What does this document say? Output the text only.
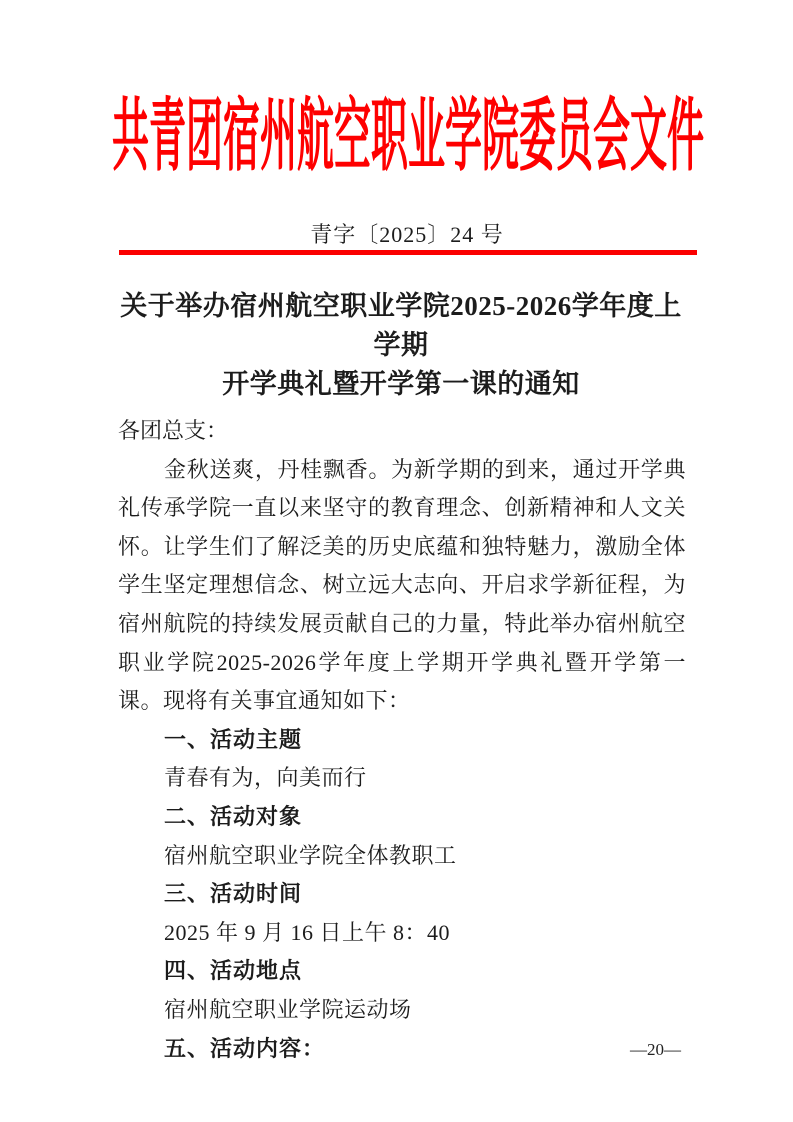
共青团宿州航空职业学院委员会文件
青字〔2025〕24 号
关于举办宿州航空职业学院2025-2026学年度上学期
开学典礼暨开学第一课的通知
各团总支：

金秋送爽，丹桂飘香。为新学期的到来，通过开学典礼传承学院一直以来坚守的教育理念、创新精神和人文关怀。让学生们了解泛美的历史底蕴和独特魅力，激励全体学生坚定理想信念、树立远大志向、开启求学新征程，为宿州航院的持续发展贡献自己的力量，特此举办宿州航空职业学院2025-2026学年度上学期开学典礼暨开学第一课。现将有关事宜通知如下：

一、活动主题
青春有为，向美而行
二、活动对象
宿州航空职业学院全体教职工
三、活动时间
2025 年 9 月 16 日上午 8：40
四、活动地点
宿州航空职业学院运动场
五、活动内容：	—20—
